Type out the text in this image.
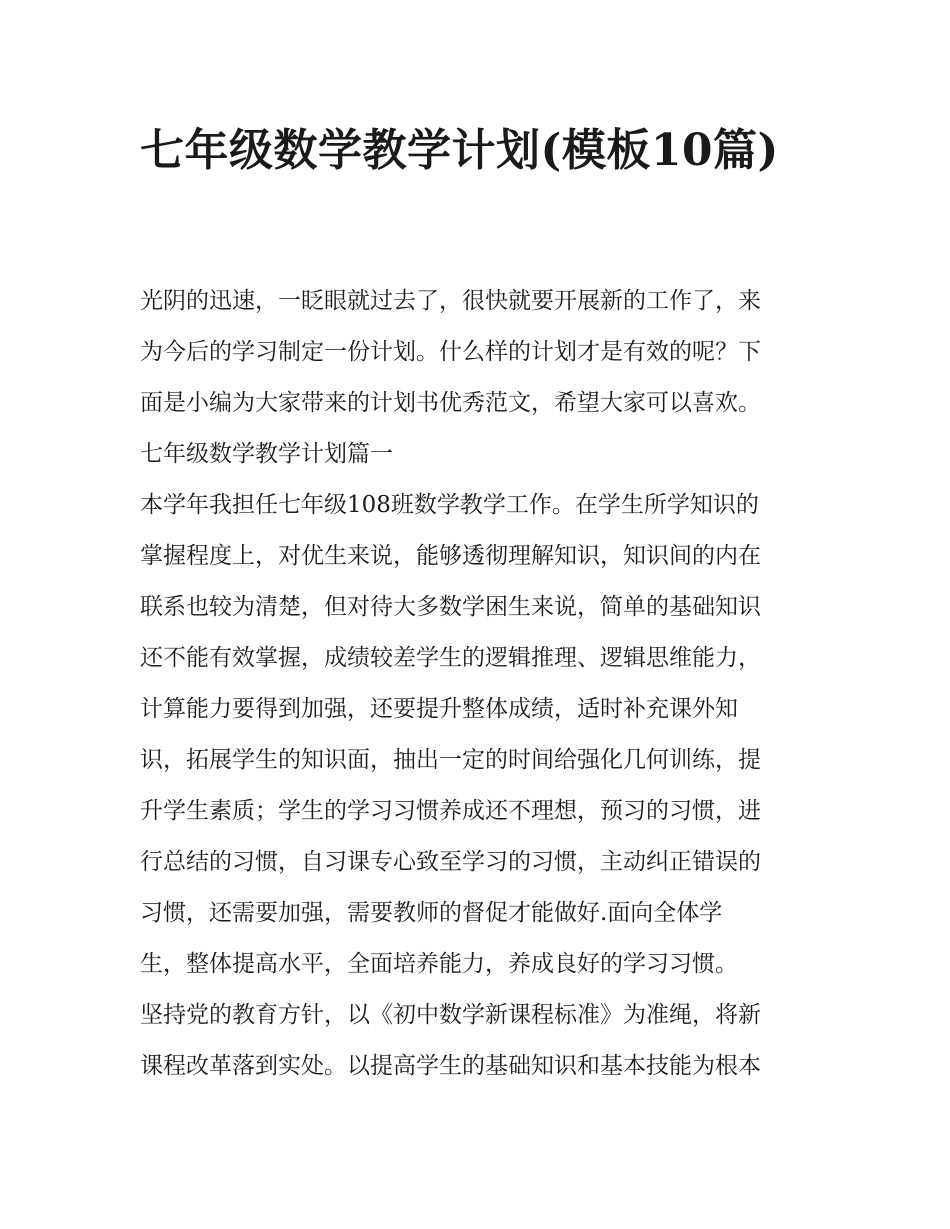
七年级数学教学计划(模板10篇)
光阴的迅速，一眨眼就过去了，很快就要开展新的工作了，来
为今后的学习制定一份计划。什么样的计划才是有效的呢？下
面是小编为大家带来的计划书优秀范文，希望大家可以喜欢。
七年级数学教学计划篇一
本学年我担任七年级108班数学教学工作。在学生所学知识的
掌握程度上，对优生来说，能够透彻理解知识，知识间的内在
联系也较为清楚，但对待大多数学困生来说，简单的基础知识
还不能有效掌握，成绩较差学生的逻辑推理、逻辑思维能力，
计算能力要得到加强，还要提升整体成绩，适时补充课外知
识，拓展学生的知识面，抽出一定的时间给强化几何训练，提
升学生素质；学生的学习习惯养成还不理想，预习的习惯，进
行总结的习惯，自习课专心致至学习的习惯，主动纠正错误的
习惯，还需要加强，需要教师的督促才能做好.面向全体学
生，整体提高水平，全面培养能力，养成良好的学习习惯。
坚持党的教育方针，以《初中数学新课程标准》为准绳，将新
课程改革落到实处。以提高学生的基础知识和基本技能为根本
